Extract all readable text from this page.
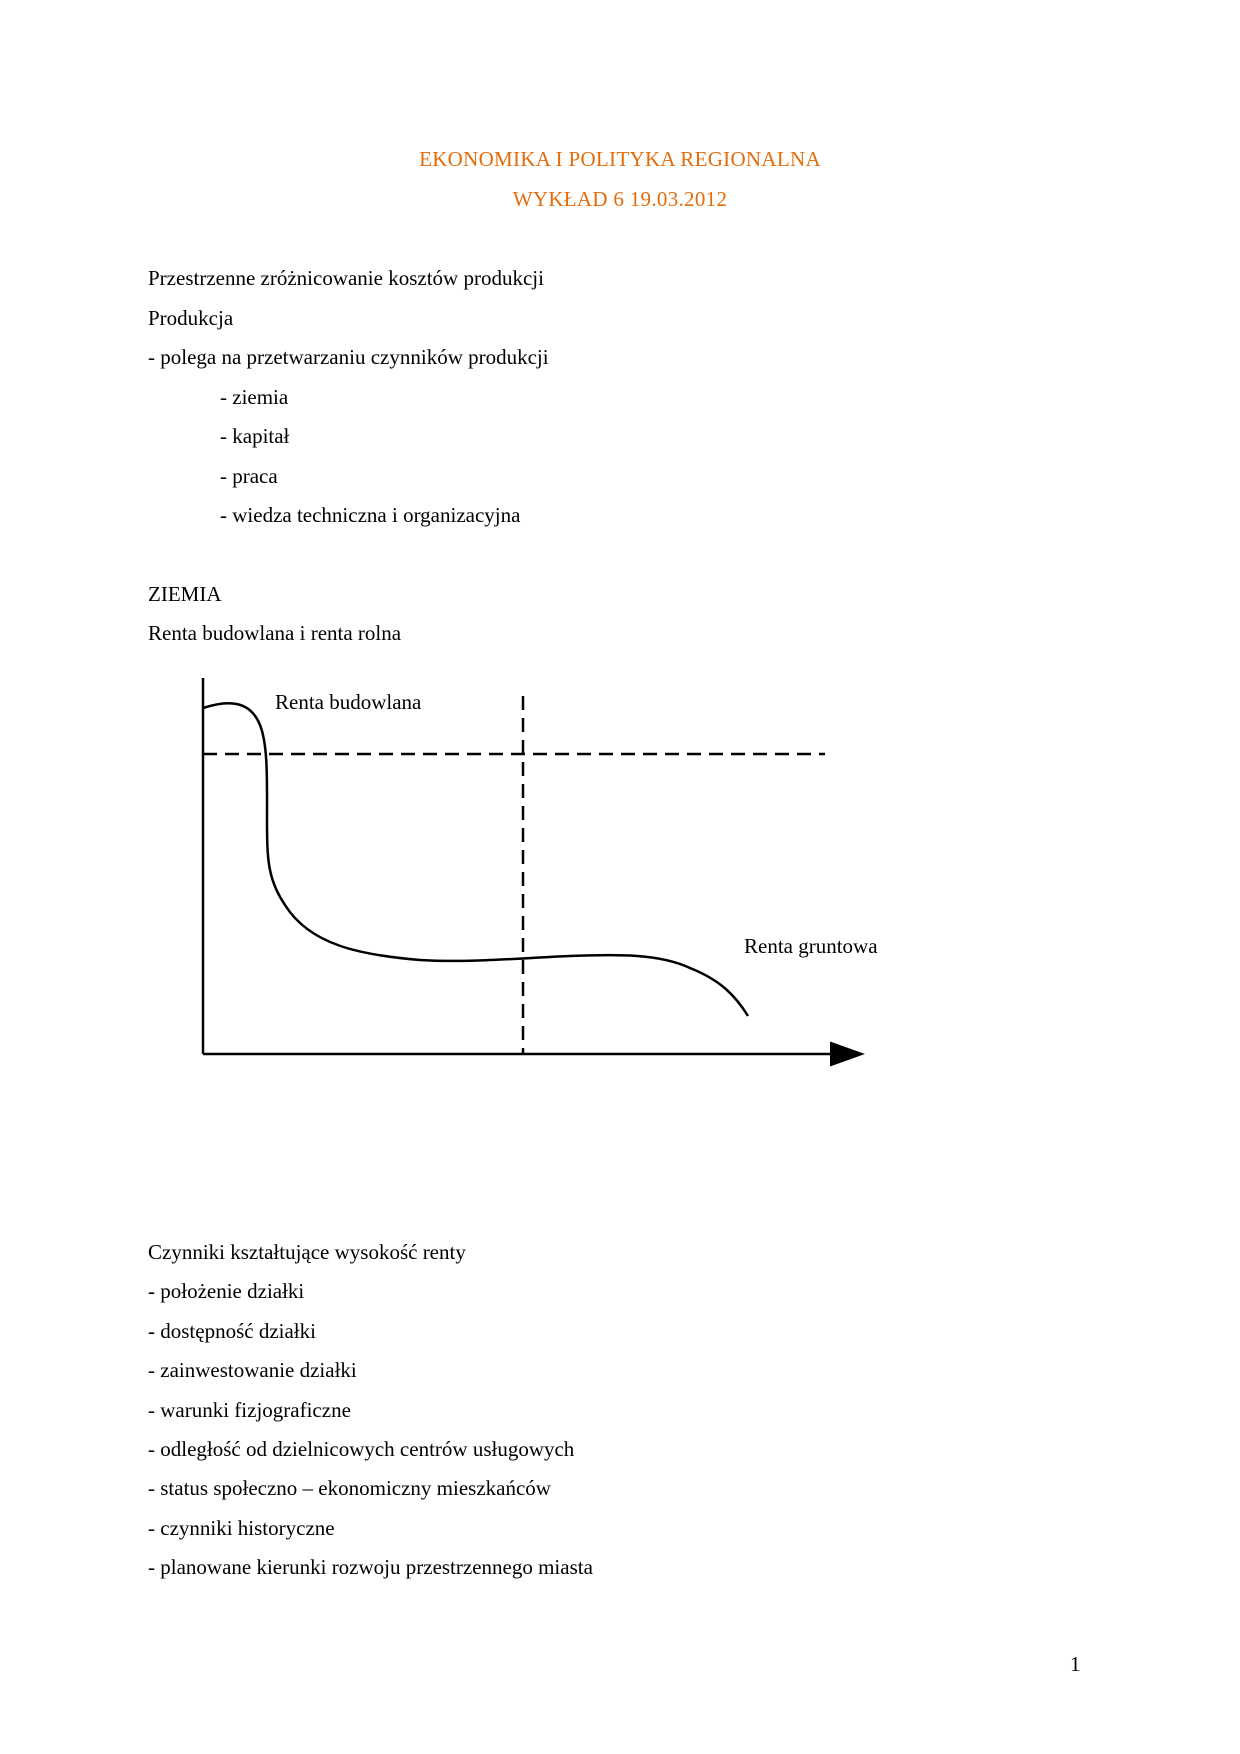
EKONOMIKA I POLITYKA REGIONALNA
WYKŁAD 6 19.03.2012
Przestrzenne zróżnicowanie kosztów produkcji
Produkcja
- polega na przetwarzaniu czynników produkcji
- ziemia
- kapitał
- praca
- wiedza techniczna i organizacyjna
ZIEMIA
Renta budowlana i renta rolna
Renta budowlana
Renta gruntowa
Czynniki kształtujące wysokość renty
- położenie działki
- dostępność działki
- zainwestowanie działki
- warunki fizjograficzne
- odległość od dzielnicowych centrów usługowych
- status społeczno – ekonomiczny mieszkańców
- czynniki historyczne
- planowane kierunki rozwoju przestrzennego miasta
1
